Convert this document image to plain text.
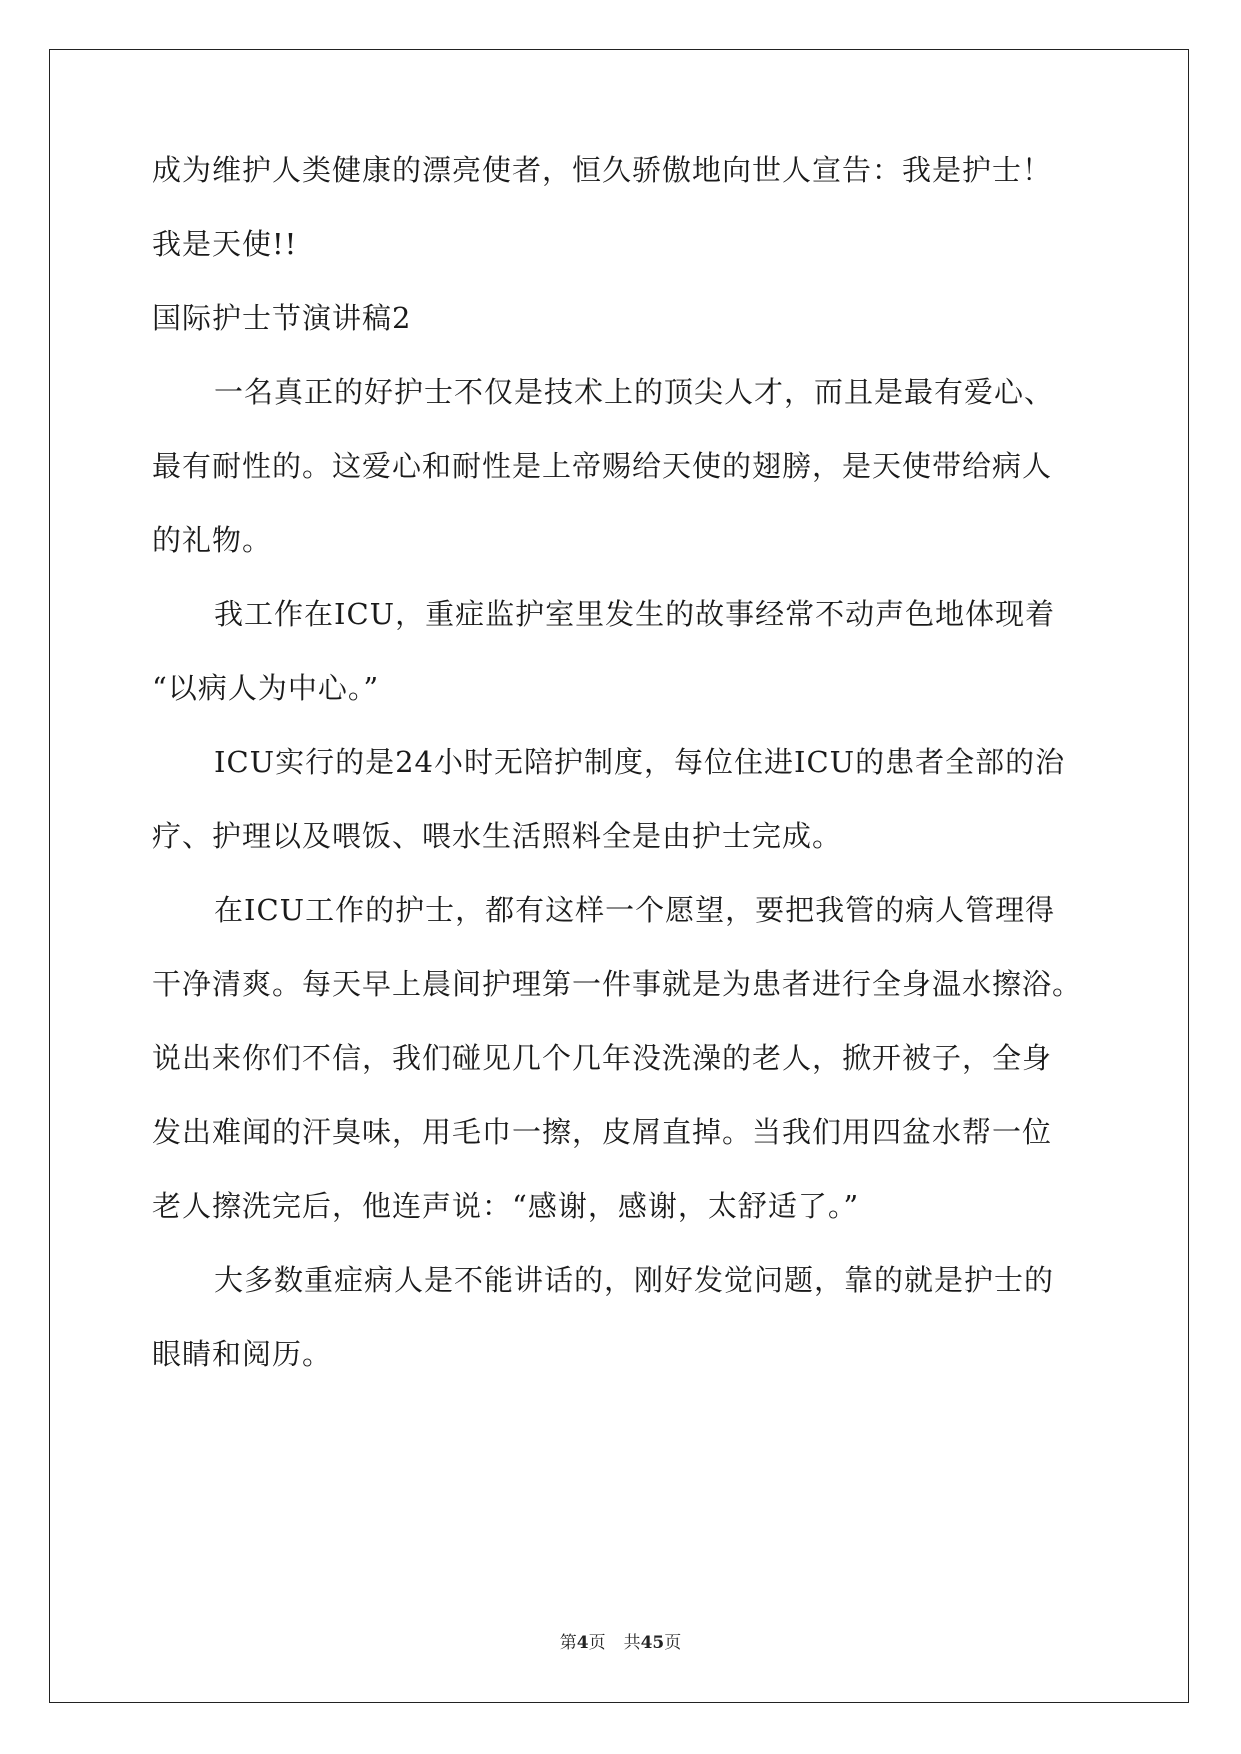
成为维护人类健康的漂亮使者，恒久骄傲地向世人宣告：我是护士！
我是天使!!
国际护士节演讲稿2
一名真正的好护士不仅是技术上的顶尖人才，而且是最有爱心、
最有耐性的。这爱心和耐性是上帝赐给天使的翅膀，是天使带给病人
的礼物。
我工作在ICU，重症监护室里发生的故事经常不动声色地体现着
“以病人为中心。”
ICU实行的是24小时无陪护制度，每位住进ICU的患者全部的治
疗、护理以及喂饭、喂水生活照料全是由护士完成。
在ICU工作的护士，都有这样一个愿望，要把我管的病人管理得
干净清爽。每天早上晨间护理第一件事就是为患者进行全身温水擦浴。
说出来你们不信，我们碰见几个几年没洗澡的老人，掀开被子，全身
发出难闻的汗臭味，用毛巾一擦，皮屑直掉。当我们用四盆水帮一位
老人擦洗完后，他连声说：“感谢，感谢，太舒适了。”
大多数重症病人是不能讲话的，刚好发觉问题，靠的就是护士的
眼睛和阅历。
第4页 共45页
